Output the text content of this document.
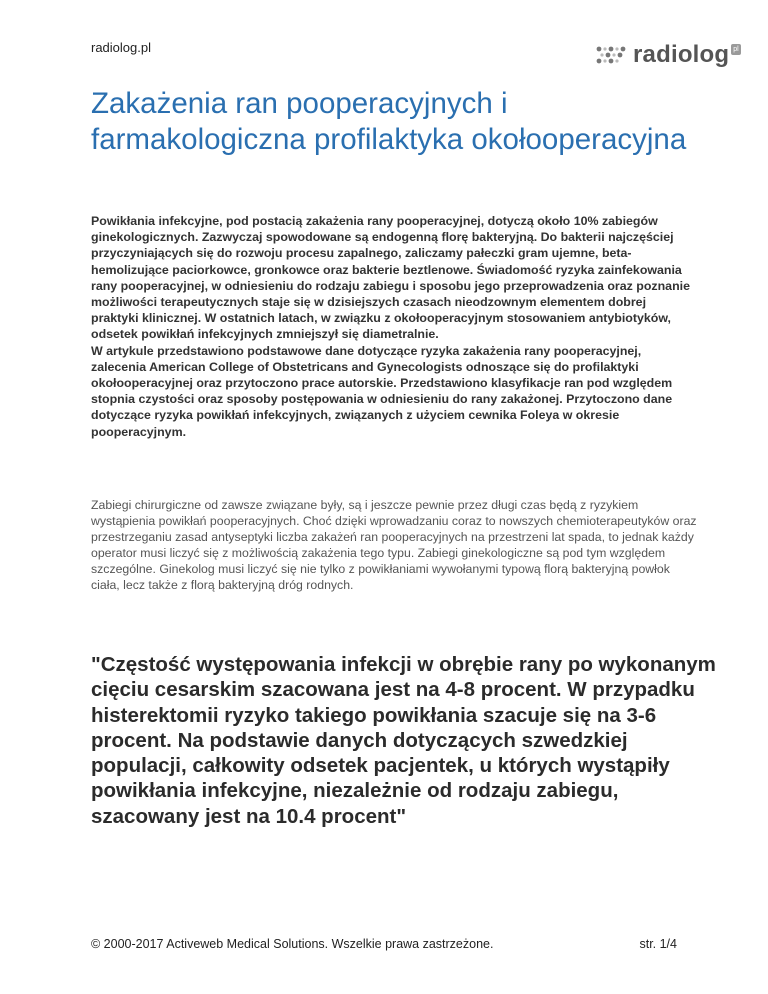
radiolog.pl	radiolog pl
Zakażenia ran pooperacyjnych i farmakologiczna profilaktyka okołooperacyjna

Powikłania infekcyjne, pod postacią zakażenia rany pooperacyjnej, dotyczą około 10% zabiegów ginekologicznych. Zazwyczaj spowodowane są endogenną florę bakteryjną. Do bakterii najczęściej przyczyniających się do rozwoju procesu zapalnego, zaliczamy pałeczki gram ujemne, beta-hemolizujące paciorkowce, gronkowce oraz bakterie beztlenowe. Świadomość ryzyka zainfekowania rany pooperacyjnej, w odniesieniu do rodzaju zabiegu i sposobu jego przeprowadzenia oraz poznanie możliwości terapeutycznych staje się w dzisiejszych czasach nieodzownym elementem dobrej praktyki klinicznej. W ostatnich latach, w związku z okołooperacyjnym stosowaniem antybiotyków, odsetek powikłań infekcyjnych zmniejszył się diametralnie.
W artykule przedstawiono podstawowe dane dotyczące ryzyka zakażenia rany pooperacyjnej, zalecenia American College of Obstetricans and Gynecologists odnoszące się do profilaktyki okołooperacyjnej oraz przytoczono prace autorskie. Przedstawiono klasyfikacje ran pod względem stopnia czystości oraz sposoby postępowania w odniesieniu do rany zakażonej. Przytoczono dane dotyczące ryzyka powikłań infekcyjnych, związanych z użyciem cewnika Foleya w okresie pooperacyjnym.

Zabiegi chirurgiczne od zawsze związane były, są i jeszcze pewnie przez długi czas będą z ryzykiem wystąpienia powikłań pooperacyjnych. Choć dzięki wprowadzaniu coraz to nowszych chemioterapeutyków oraz przestrzeganiu zasad antyseptyki liczba zakażeń ran pooperacyjnych na przestrzeni lat spada, to jednak każdy operator musi liczyć się z możliwością zakażenia tego typu. Zabiegi ginekologiczne są pod tym względem szczególne. Ginekolog musi liczyć się nie tylko z powikłaniami wywołanymi typową florą bakteryjną powłok ciała, lecz także z florą bakteryjną dróg rodnych.

"Częstość występowania infekcji w obrębie rany po wykonanym cięciu cesarskim szacowana jest na 4-8 procent. W przypadku histerektomii ryzyko takiego powikłania szacuje się na 3-6 procent. Na podstawie danych dotyczących szwedzkiej populacji, całkowity odsetek pacjentek, u których wystąpiły powikłania infekcyjne, niezależnie od rodzaju zabiegu, szacowany jest na 10.4 procent"

© 2000-2017 Activeweb Medical Solutions. Wszelkie prawa zastrzeżone.	str. 1/4
